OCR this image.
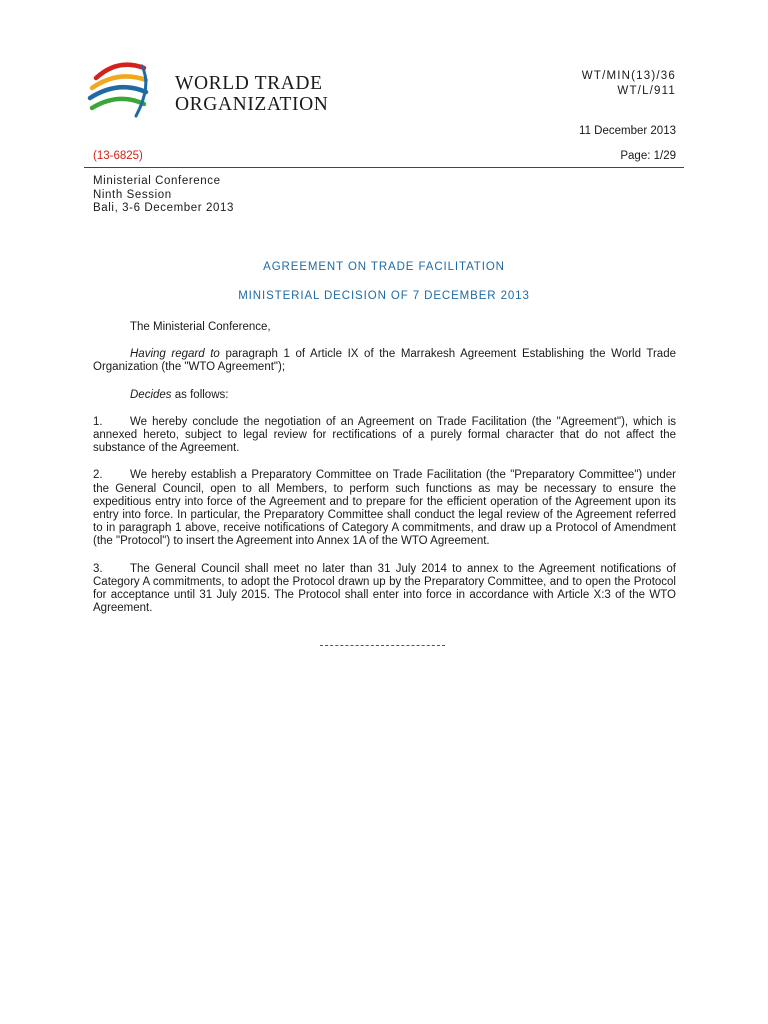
WORLD TRADE
ORGANIZATION
WT/MIN(13)/36
WT/L/911
11 December 2013
(13-6825)	Page: 1/29
Ministerial Conference
Ninth Session
Bali, 3-6 December 2013
AGREEMENT ON TRADE FACILITATION
MINISTERIAL DECISION OF 7 DECEMBER 2013

The Ministerial Conference,

Having regard to paragraph 1 of Article IX of the Marrakesh Agreement Establishing the World Trade Organization (the "WTO Agreement");

Decides as follows:

1. We hereby conclude the negotiation of an Agreement on Trade Facilitation (the "Agreement"), which is annexed hereto, subject to legal review for rectifications of a purely formal character that do not affect the substance of the Agreement.

2. We hereby establish a Preparatory Committee on Trade Facilitation (the "Preparatory Committee") under the General Council, open to all Members, to perform such functions as may be necessary to ensure the expeditious entry into force of the Agreement and to prepare for the efficient operation of the Agreement upon its entry into force. In particular, the Preparatory Committee shall conduct the legal review of the Agreement referred to in paragraph 1 above, receive notifications of Category A commitments, and draw up a Protocol of Amendment (the "Protocol") to insert the Agreement into Annex 1A of the WTO Agreement.

3. The General Council shall meet no later than 31 July 2014 to annex to the Agreement notifications of Category A commitments, to adopt the Protocol drawn up by the Preparatory Committee, and to open the Protocol for acceptance until 31 July 2015. The Protocol shall enter into force in accordance with Article X:3 of the WTO Agreement.
